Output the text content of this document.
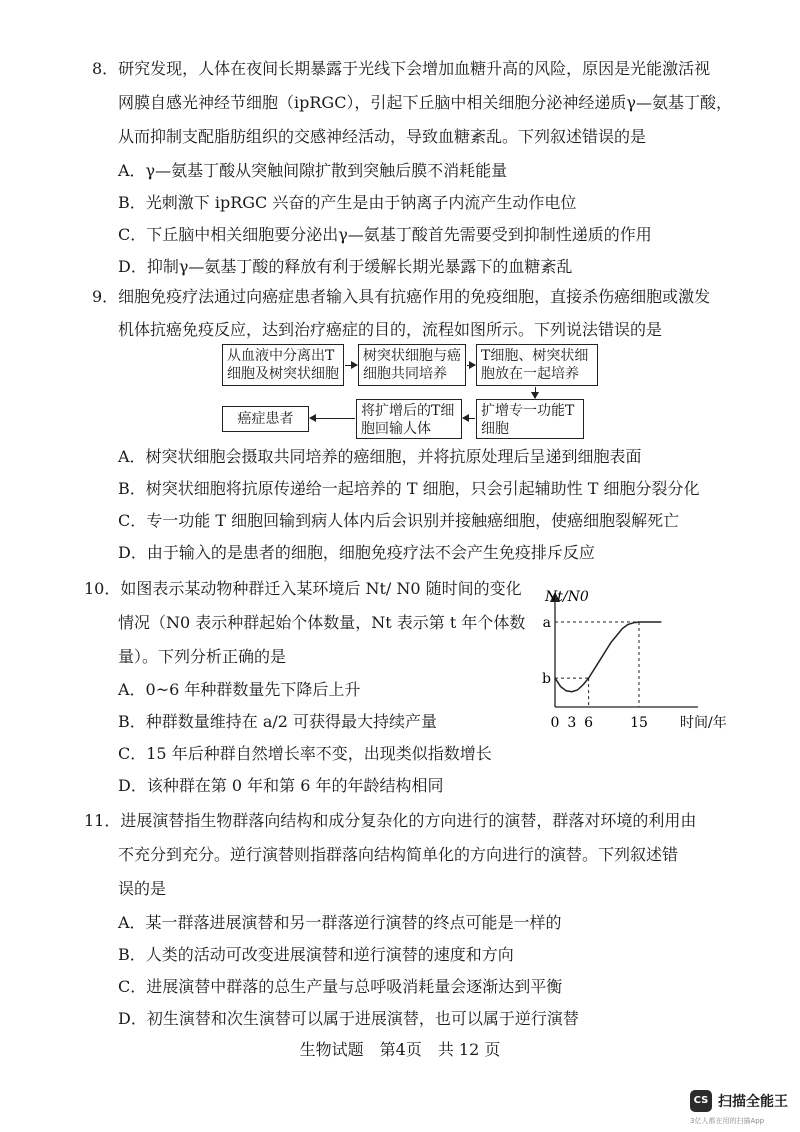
8．研究发现，人体在夜间长期暴露于光线下会增加血糖升高的风险，原因是光能激活视
网膜自感光神经节细胞（ipRGC），引起下丘脑中相关细胞分泌神经递质γ—氨基丁酸，
从而抑制支配脂肪组织的交感神经活动，导致血糖紊乱。下列叙述错误的是
A．γ—氨基丁酸从突触间隙扩散到突触后膜不消耗能量
B．光刺激下 ipRGC 兴奋的产生是由于钠离子内流产生动作电位
C．下丘脑中相关细胞要分泌出γ—氨基丁酸首先需要受到抑制性递质的作用
D．抑制γ—氨基丁酸的释放有利于缓解长期光暴露下的血糖紊乱
9．细胞免疫疗法通过向癌症患者输入具有抗癌作用的免疫细胞，直接杀伤癌细胞或激发
机体抗癌免疫反应，达到治疗癌症的目的，流程如图所示。下列说法错误的是
从血液中分离出T
细胞及树突状细胞
树突状细胞与癌
细胞共同培养
T细胞、树突状细
胞放在一起培养
扩增专一功能T
细胞
将扩增后的T细
胞回输人体
癌症患者
A．树突状细胞会摄取共同培养的癌细胞，并将抗原处理后呈递到细胞表面
B．树突状细胞将抗原传递给一起培养的 T 细胞，只会引起辅助性 T 细胞分裂分化
C．专一功能 T 细胞回输到病人体内后会识别并接触癌细胞，使癌细胞裂解死亡
D．由于输入的是患者的细胞，细胞免疫疗法不会产生免疫排斥反应
10．如图表示某动物种群迁入某环境后 Nt/ N0 随时间的变化
情况（N0 表示种群起始个体数量，Nt 表示第 t 年个体数
量）。下列分析正确的是
A．0~6 年种群数量先下降后上升
B．种群数量维持在 a/2 可获得最大持续产量
C．15 年后种群自然增长率不变，出现类似指数增长
D．该种群在第 0 年和第 6 年的年龄结构相同
Nt/N0
a
b
0 3 6	15 时间/年
11．进展演替指生物群落向结构和成分复杂化的方向进行的演替，群落对环境的利用由
不充分到充分。逆行演替则指群落向结构简单化的方向进行的演替。下列叙述错
误的是
A．某一群落进展演替和另一群落逆行演替的终点可能是一样的
B．人类的活动可改变进展演替和逆行演替的速度和方向
C．进展演替中群落的总生产量与总呼吸消耗量会逐渐达到平衡
D．初生演替和次生演替可以属于进展演替，也可以属于逆行演替
生物试题　第4页　共 12 页
CS 扫描全能王
3亿人都在用的扫描App
